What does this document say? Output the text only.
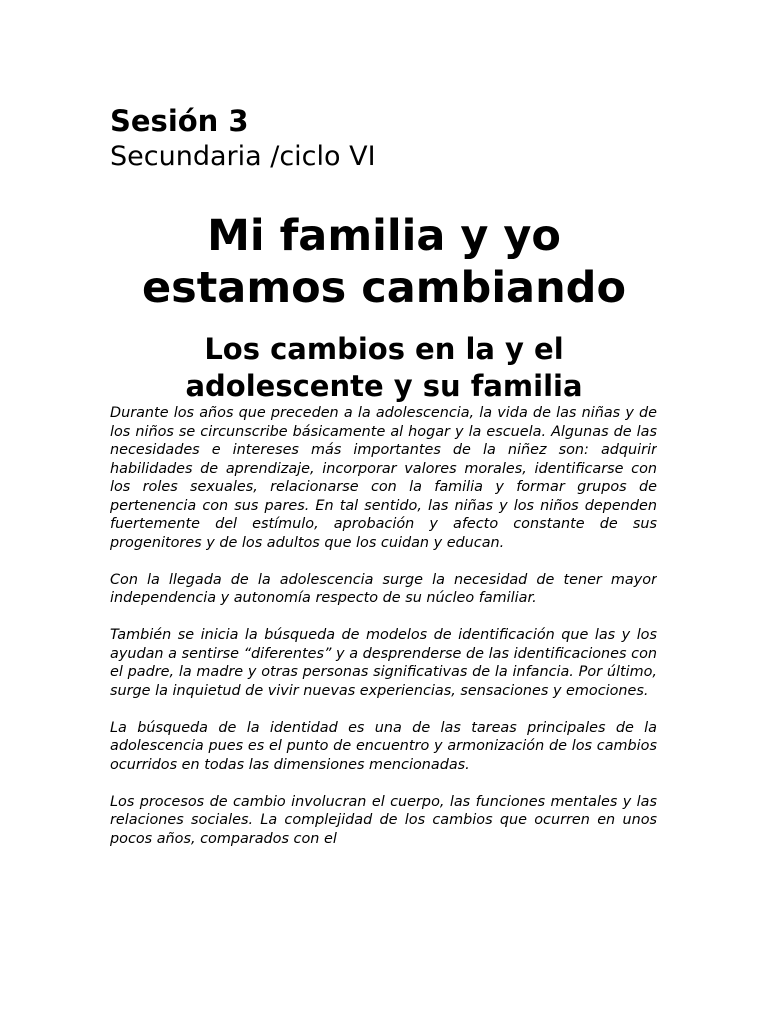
Sesión 3
Secundaria /ciclo VI
Mi familia y yo
estamos cambiando
Los cambios en la y el
adolescente y su familia

Durante los años que preceden a la adolescencia, la vida de las niñas y de los niños se circunscribe básicamente al hogar y la escuela. Algunas de las necesidades e intereses más importantes de la niñez son: adquirir habilidades de aprendizaje, incorporar valores morales, identificarse con los roles sexuales, relacionarse con la familia y formar grupos de pertenencia con sus pares. En tal sentido, las niñas y los niños dependen fuertemente del estímulo, aprobación y afecto constante de sus progenitores y de los adultos que los cuidan y educan.

Con la llegada de la adolescencia surge la necesidad de tener mayor independencia y autonomía respecto de su núcleo familiar.

También se inicia la búsqueda de modelos de identificación que las y los ayudan a sentirse “diferentes” y a desprenderse de las identificaciones con el padre, la madre y otras personas significativas de la infancia. Por último, surge la inquietud de vivir nuevas experiencias, sensaciones y emociones.

La búsqueda de la identidad es una de las tareas principales de la adolescencia pues es el punto de encuentro y armonización de los cambios ocurridos en todas las dimensiones mencionadas.

Los procesos de cambio involucran el cuerpo, las funciones mentales y las relaciones sociales. La complejidad de los cambios que ocurren en unos pocos años, comparados con el
